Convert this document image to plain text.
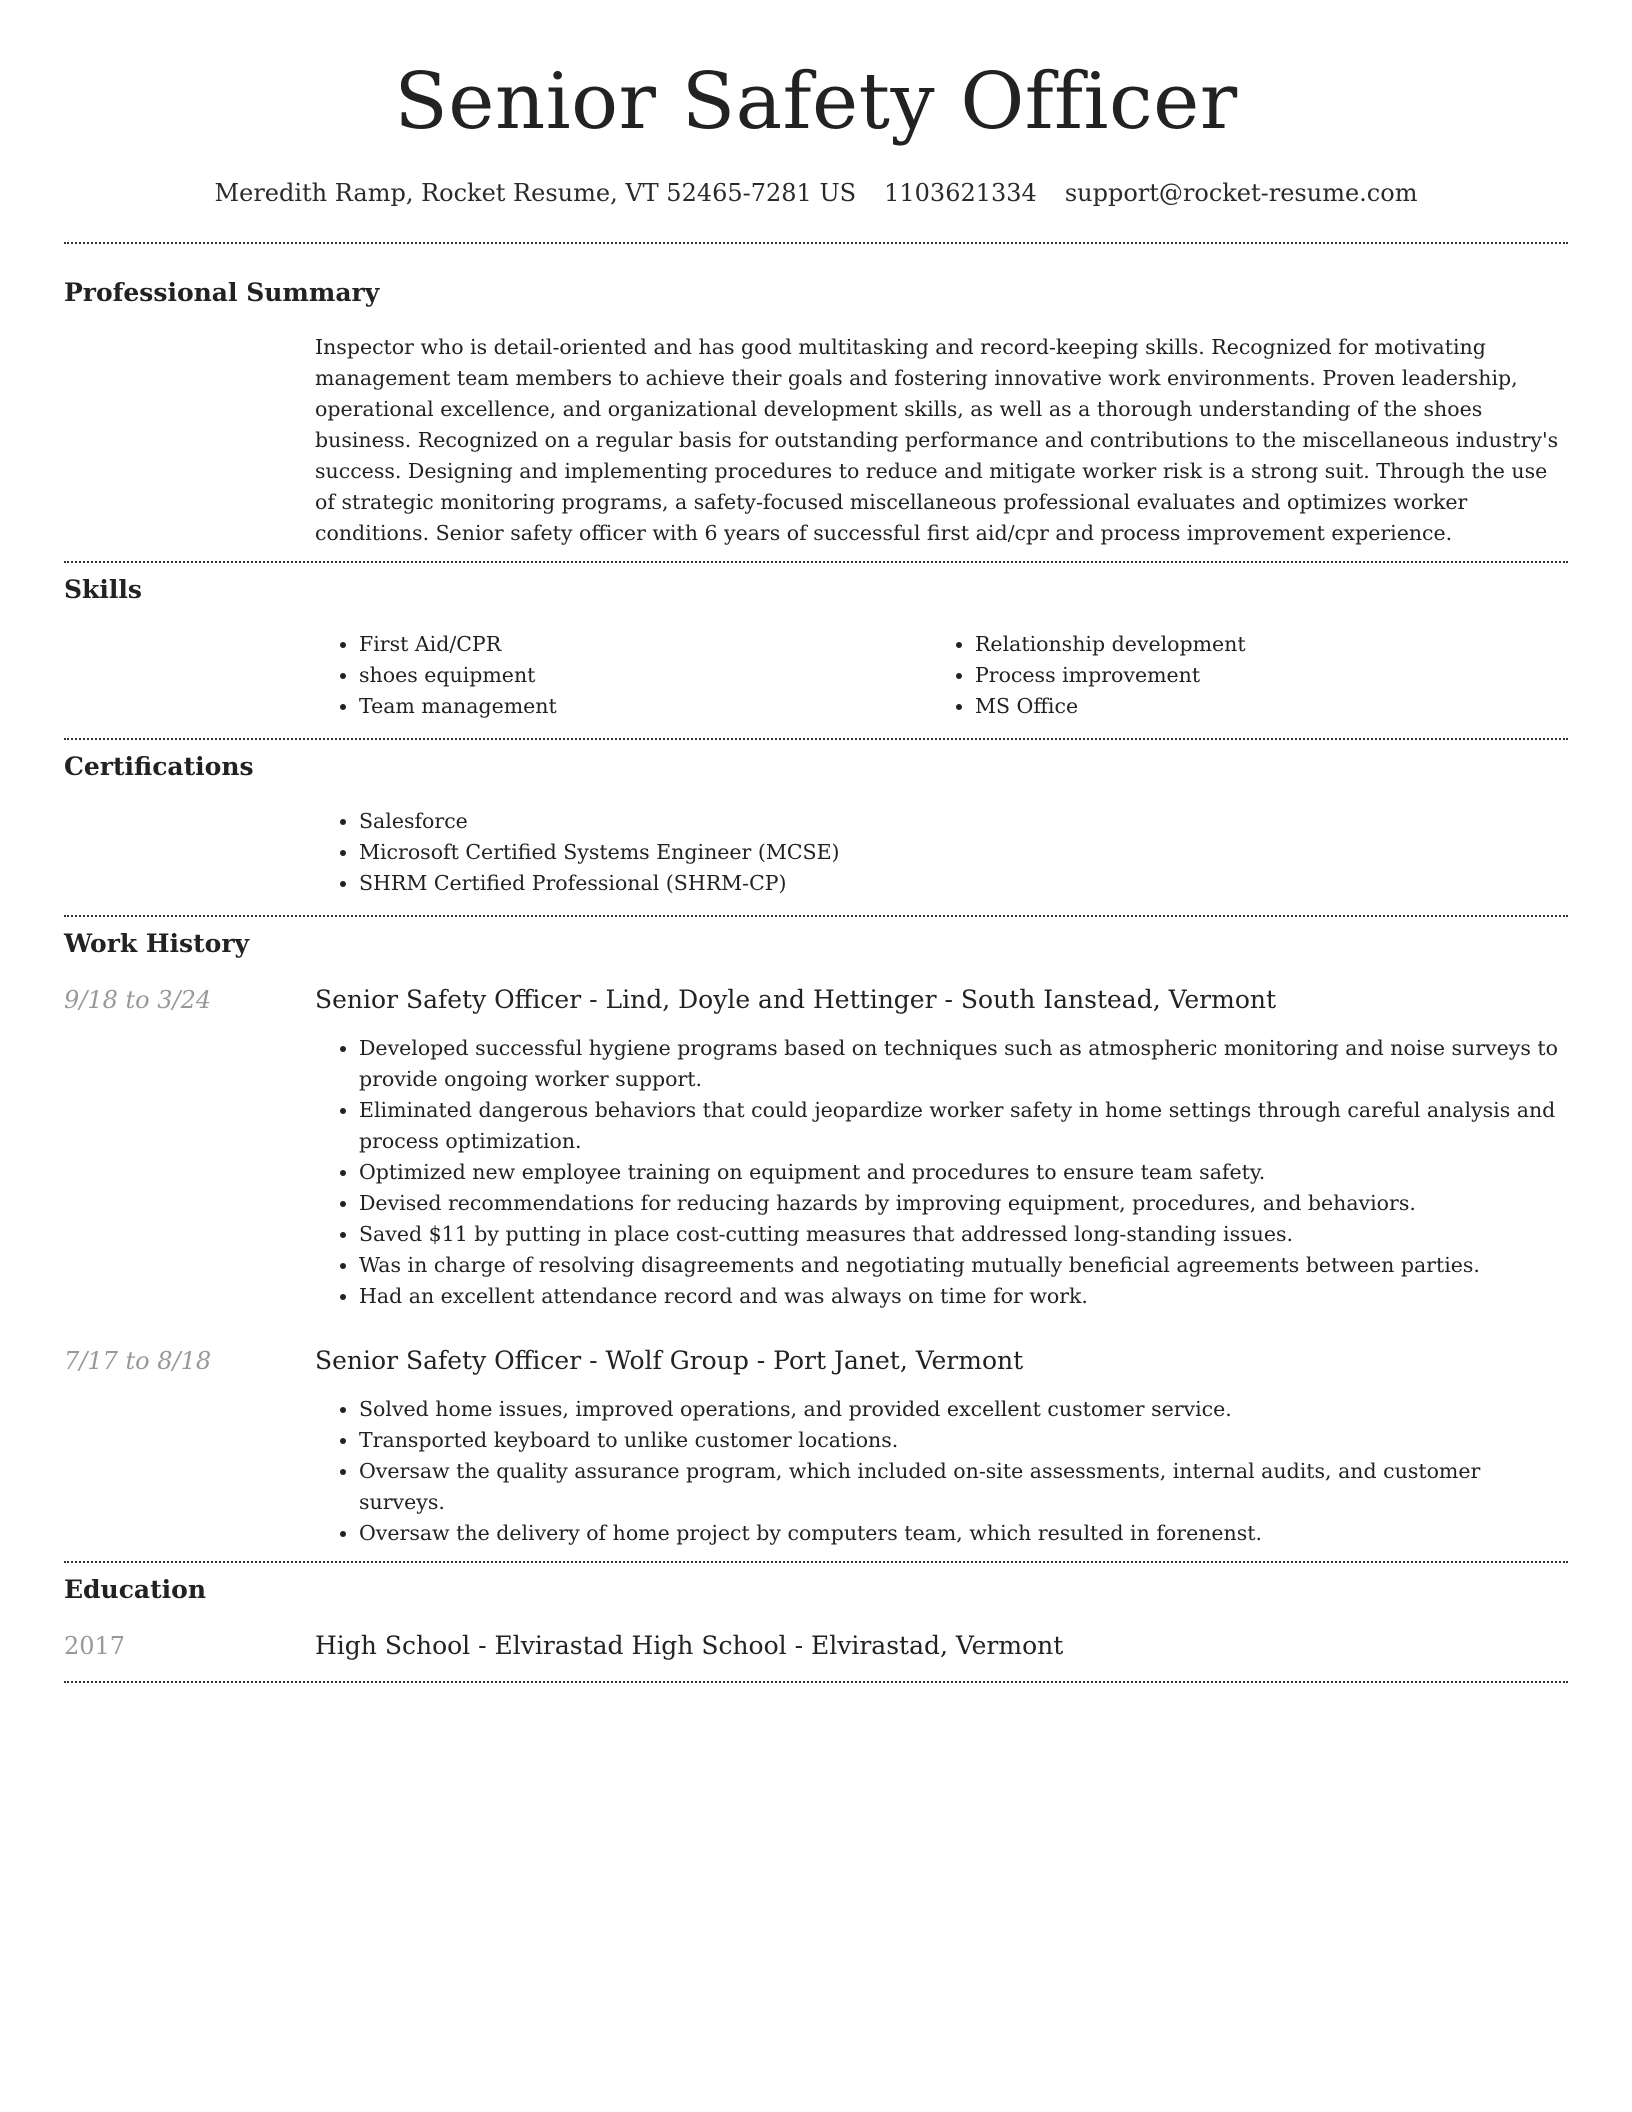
Senior Safety Officer
Meredith Ramp, Rocket Resume, VT 52465-7281 US 1103621334 support@rocket-resume.com
Professional Summary

Inspector who is detail-oriented and has good multitasking and record-keeping skills. Recognized for motivating management team members to achieve their goals and fostering innovative work environments. Proven leadership, operational excellence, and organizational development skills, as well as a thorough understanding of the shoes business. Recognized on a regular basis for outstanding performance and contributions to the miscellaneous industry's success. Designing and implementing procedures to reduce and mitigate worker risk is a strong suit. Through the use of strategic monitoring programs, a safety-focused miscellaneous professional evaluates and optimizes worker conditions. Senior safety officer with 6 years of successful first aid/cpr and process improvement experience.

Skills
• First Aid/CPR
• shoes equipment
• Team management
• Relationship development
• Process improvement
• MS Office
Certifications
• Salesforce
• Microsoft Certified Systems Engineer (MCSE)
• SHRM Certified Professional (SHRM-CP)
Work History
9/18 to 3/24	Senior Safety Officer - Lind, Doyle and Hettinger - South Ianstead, Vermont
• Developed successful hygiene programs based on techniques such as atmospheric monitoring and noise surveys to provide ongoing worker support.
• Eliminated dangerous behaviors that could jeopardize worker safety in home settings through careful analysis and process optimization.
• Optimized new employee training on equipment and procedures to ensure team safety.
• Devised recommendations for reducing hazards by improving equipment, procedures, and behaviors.
• Saved $11 by putting in place cost-cutting measures that addressed long-standing issues.
• Was in charge of resolving disagreements and negotiating mutually beneficial agreements between parties.
• Had an excellent attendance record and was always on time for work.
7/17 to 8/18	Senior Safety Officer - Wolf Group - Port Janet, Vermont
• Solved home issues, improved operations, and provided excellent customer service.
• Transported keyboard to unlike customer locations.
• Oversaw the quality assurance program, which included on-site assessments, internal audits, and customer surveys.
• Oversaw the delivery of home project by computers team, which resulted in forenenst.
Education
2017	High School - Elvirastad High School - Elvirastad, Vermont
